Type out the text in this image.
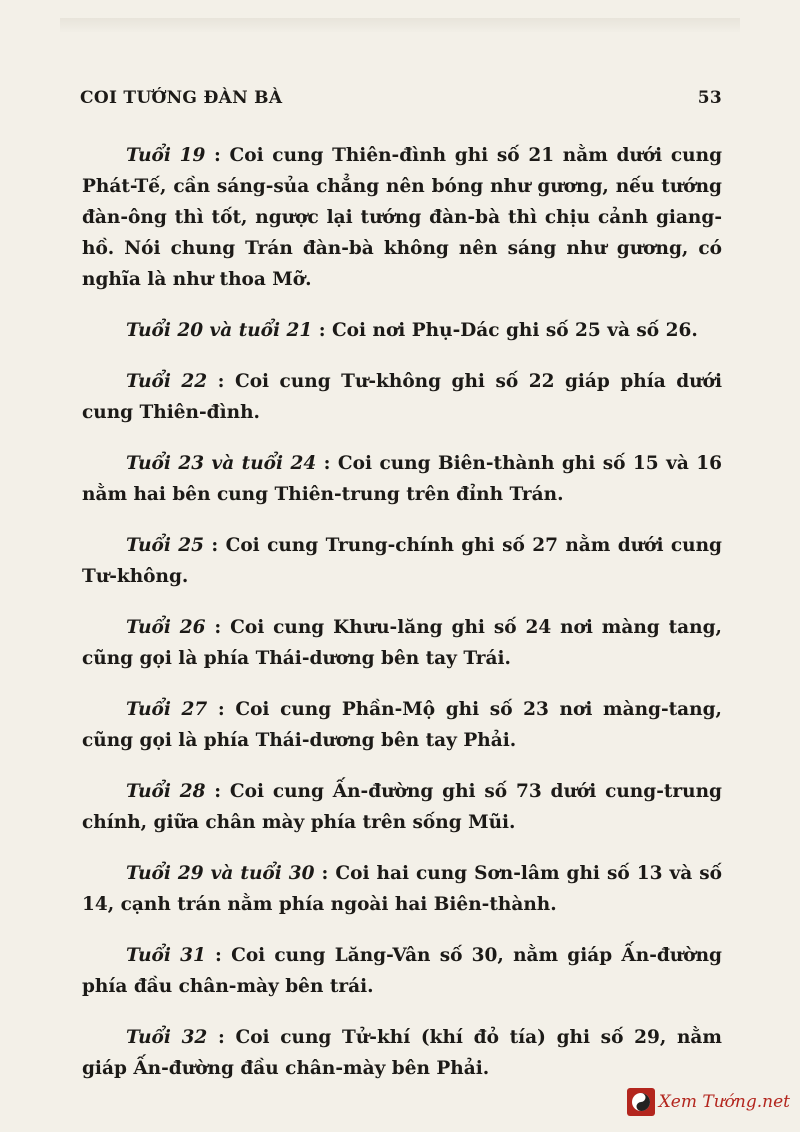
COI TƯỚNG ĐÀN BÀ	53

Tuổi 19 : Coi cung Thiên-đình ghi số 21 nằm dưới cung Phát-Tế, cần sáng-sủa chẳng nên bóng như gương, nếu tướng đàn-ông thì tốt, ngược lại tướng đàn-bà thì chịu cảnh giang-hồ. Nói chung Trán đàn-bà không nên sáng như gương, có nghĩa là như thoa Mỡ.

Tuổi 20 và tuổi 21 : Coi nơi Phụ-Dác ghi số 25 và số 26.

Tuổi 22 : Coi cung Tư-không ghi số 22 giáp phía dưới cung Thiên-đình.

Tuổi 23 và tuổi 24 : Coi cung Biên-thành ghi số 15 và 16 nằm hai bên cung Thiên-trung trên đỉnh Trán.

Tuổi 25 : Coi cung Trung-chính ghi số 27 nằm dưới cung Tư-không.

Tuổi 26 : Coi cung Khưu-lăng ghi số 24 nơi màng tang, cũng gọi là phía Thái-dương bên tay Trái.

Tuổi 27 : Coi cung Phần-Mộ ghi số 23 nơi màng-tang, cũng gọi là phía Thái-dương bên tay Phải.

Tuổi 28 : Coi cung Ấn-đường ghi số 73 dưới cung-trung chính, giữa chân mày phía trên sống Mũi.

Tuổi 29 và tuổi 30 : Coi hai cung Sơn-lâm ghi số 13 và số 14, cạnh trán nằm phía ngoài hai Biên-thành.

Tuổi 31 : Coi cung Lăng-Vân số 30, nằm giáp Ấn-đường phía đầu chân-mày bên trái.

Tuổi 32 : Coi cung Tử-khí (khí đỏ tía) ghi số 29, nằm giáp Ấn-đường đầu chân-mày bên Phải.

Xem Tướng.net
